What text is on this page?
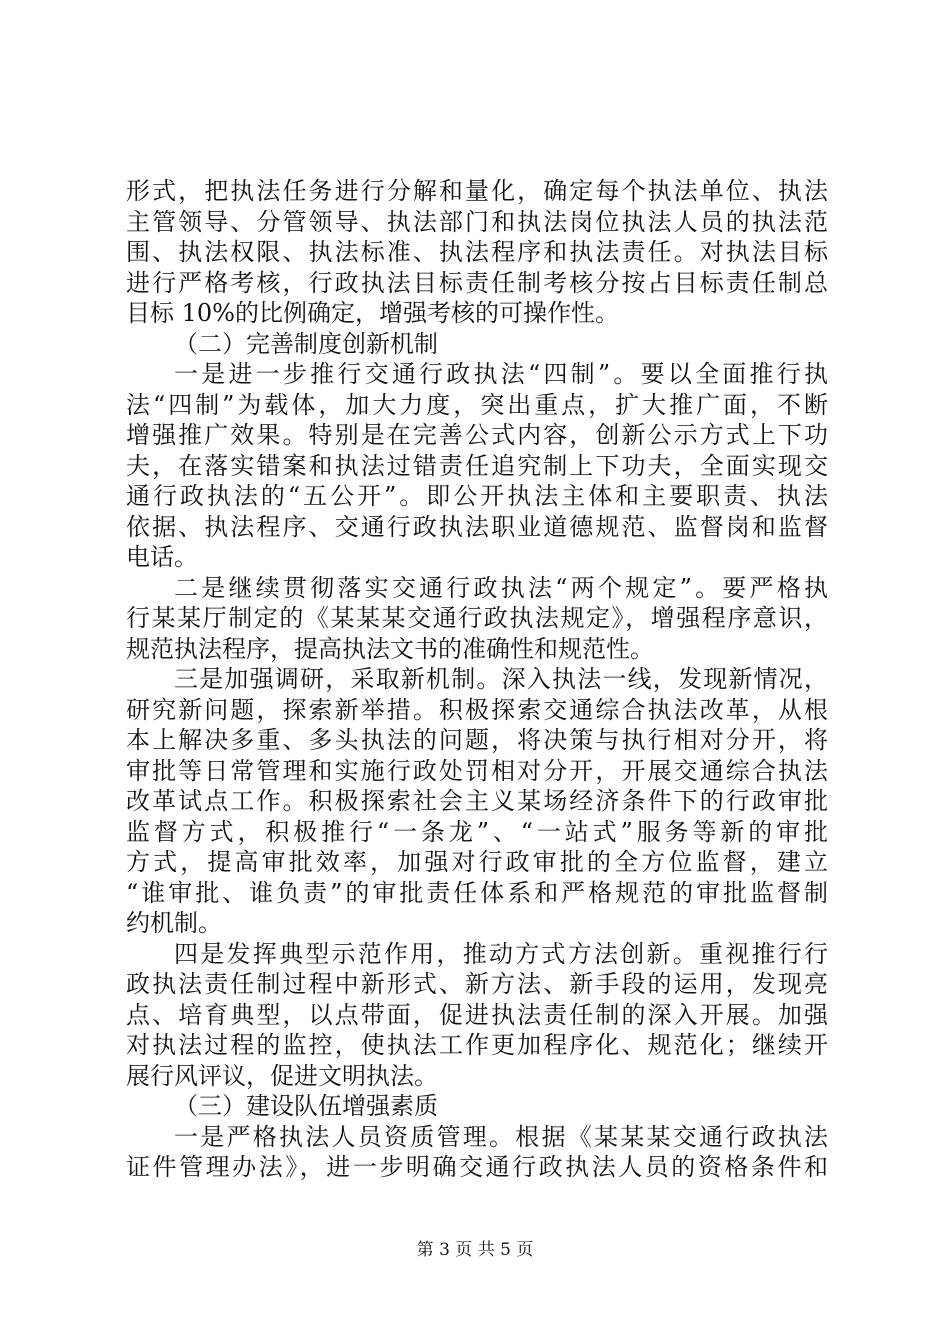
形式，把执法任务进行分解和量化，确定每个执法单位、执法
主管领导、分管领导、执法部门和执法岗位执法人员的执法范
围、执法权限、执法标准、执法程序和执法责任。对执法目标
进行严格考核，行政执法目标责任制考核分按占目标责任制总
目标 10%的比例确定，增强考核的可操作性。
（二）完善制度创新机制
一是进一步推行交通行政执法“四制”。要以全面推行执
法“四制”为载体，加大力度，突出重点，扩大推广面，不断
增强推广效果。特别是在完善公式内容，创新公示方式上下功
夫，在落实错案和执法过错责任追究制上下功夫，全面实现交
通行政执法的“五公开”。即公开执法主体和主要职责、执法
依据、执法程序、交通行政执法职业道德规范、监督岗和监督
电话。
二是继续贯彻落实交通行政执法“两个规定”。要严格执
行某某厅制定的《某某某交通行政执法规定》，增强程序意识，
规范执法程序，提高执法文书的准确性和规范性。
三是加强调研，采取新机制。深入执法一线，发现新情况，
研究新问题，探索新举措。积极探索交通综合执法改革，从根
本上解决多重、多头执法的问题，将决策与执行相对分开，将
审批等日常管理和实施行政处罚相对分开，开展交通综合执法
改革试点工作。积极探索社会主义某场经济条件下的行政审批
监督方式，积极推行“一条龙”、“一站式”服务等新的审批
方式，提高审批效率，加强对行政审批的全方位监督，建立
“谁审批、谁负责”的审批责任体系和严格规范的审批监督制
约机制。
四是发挥典型示范作用，推动方式方法创新。重视推行行
政执法责任制过程中新形式、新方法、新手段的运用，发现亮
点、培育典型，以点带面，促进执法责任制的深入开展。加强
对执法过程的监控，使执法工作更加程序化、规范化；继续开
展行风评议，促进文明执法。
（三）建设队伍增强素质
一是严格执法人员资质管理。根据《某某某交通行政执法
证件管理办法》，进一步明确交通行政执法人员的资格条件和
第 3 页 共 5 页
